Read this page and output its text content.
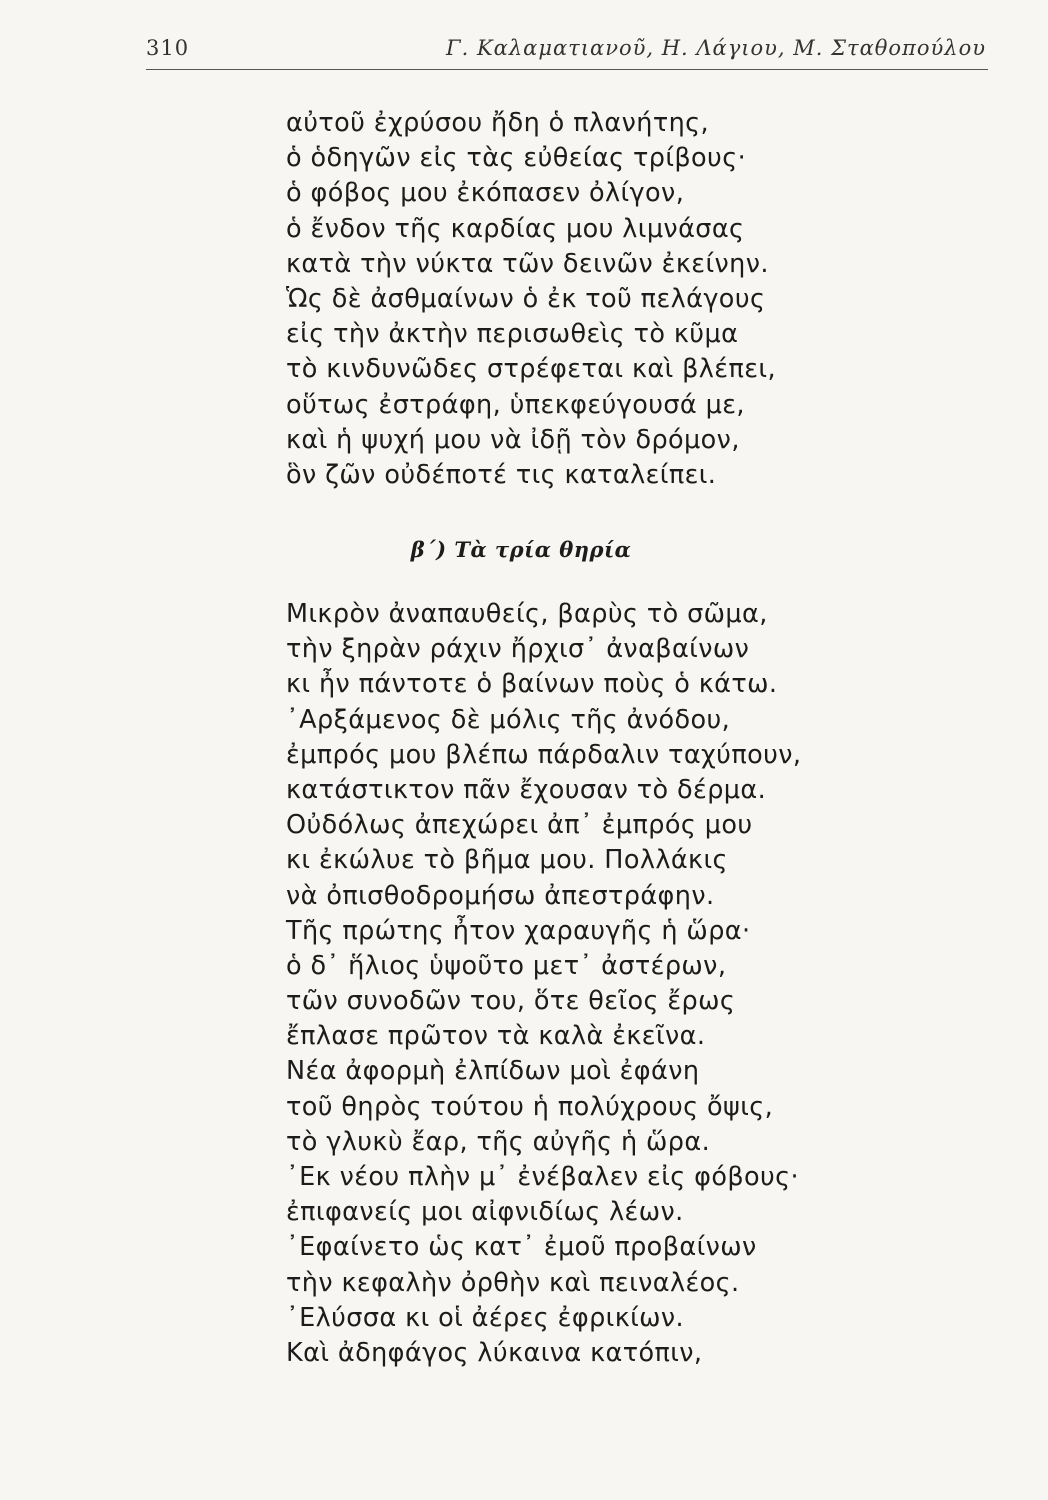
310	Γ. Καλαματιανοῦ, Η. Λάγιου, Μ. Σταθοπούλου
αὐτοῦ ἐχρύσου ἤδη ὁ πλανήτης,
ὁ ὁδηγῶν εἰς τὰς εὐθείας τρίβους·
ὁ φόβος μου ἐκόπασεν ὀλίγον,
ὁ ἔνδον τῆς καρδίας μου λιμνάσας
κατὰ τὴν νύκτα τῶν δεινῶν ἐκείνην.
Ὡς δὲ ἀσθμαίνων ὁ ἐκ τοῦ πελάγους
εἰς τὴν ἀκτὴν περισωθεὶς τὸ κῦμα
τὸ κινδυνῶδες στρέφεται καὶ βλέπει,
οὕτως ἐστράφη, ὑπεκφεύγουσά με,
καὶ ἡ ψυχή μου νὰ ἰδῇ τὸν δρόμον,
ὃν ζῶν οὐδέποτέ τις καταλείπει.
β΄) Τὰ τρία θηρία
Μικρὸν ἀναπαυθείς, βαρὺς τὸ σῶμα,
τὴν ξηρὰν ράχιν ἤρχισ᾽ ἀναβαίνων
κι ἦν πάντοτε ὁ βαίνων ποὺς ὁ κάτω.
᾽Αρξάμενος δὲ μόλις τῆς ἀνόδου,
ἐμπρός μου βλέπω πάρδαλιν ταχύπουν,
κατάστικτον πᾶν ἔχουσαν τὸ δέρμα.
Οὐδόλως ἀπεχώρει ἀπ᾽ ἐμπρός μου
κι ἐκώλυε τὸ βῆμα μου. Πολλάκις
νὰ ὀπισθοδρομήσω ἀπεστράφην.
Τῆς πρώτης ἦτον χαραυγῆς ἡ ὥρα·
ὁ δ᾽ ἥλιος ὑψοῦτο μετ᾽ ἀστέρων,
τῶν συνοδῶν του, ὅτε θεῖος ἔρως
ἔπλασε πρῶτον τὰ καλὰ ἐκεῖνα.
Νέα ἀφορμὴ ἐλπίδων μοὶ ἐφάνη
τοῦ θηρὸς τούτου ἡ πολύχρους ὄψις,
τὸ γλυκὺ ἔαρ, τῆς αὐγῆς ἡ ὥρα.
᾽Εκ νέου πλὴν μ᾽ ἐνέβαλεν εἰς φόβους·
ἐπιφανείς μοι αἰφνιδίως λέων.
᾽Εφαίνετο ὡς κατ᾽ ἐμοῦ προβαίνων
τὴν κεφαλὴν ὀρθὴν καὶ πειναλέος.
᾽Ελύσσα κι οἱ ἀέρες ἐφρικίων.
Καὶ ἀδηφάγος λύκαινα κατόπιν,
